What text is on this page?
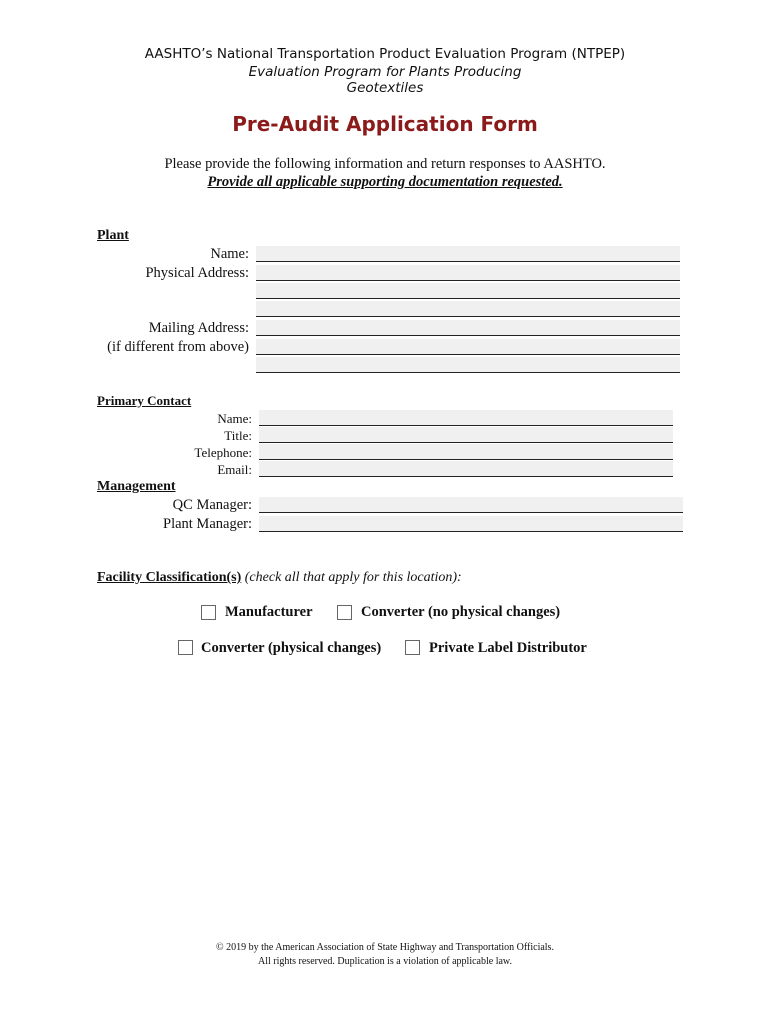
AASHTO’s National Transportation Product Evaluation Program (NTPEP)
Evaluation Program for Plants Producing
Geotextiles
Pre-Audit Application Form
Please provide the following information and return responses to AASHTO.
Provide all applicable supporting documentation requested.
Plant
Name:
Physical Address:
Mailing Address:
(if different from above)
Primary Contact
Name:
Title:
Telephone:
Email:
Management
QC Manager:
Plant Manager:
Facility Classification(s) (check all that apply for this location):
Manufacturer	Converter (no physical changes)
Converter (physical changes)	Private Label Distributor
© 2019 by the American Association of State Highway and Transportation Officials.
All rights reserved. Duplication is a violation of applicable law.
